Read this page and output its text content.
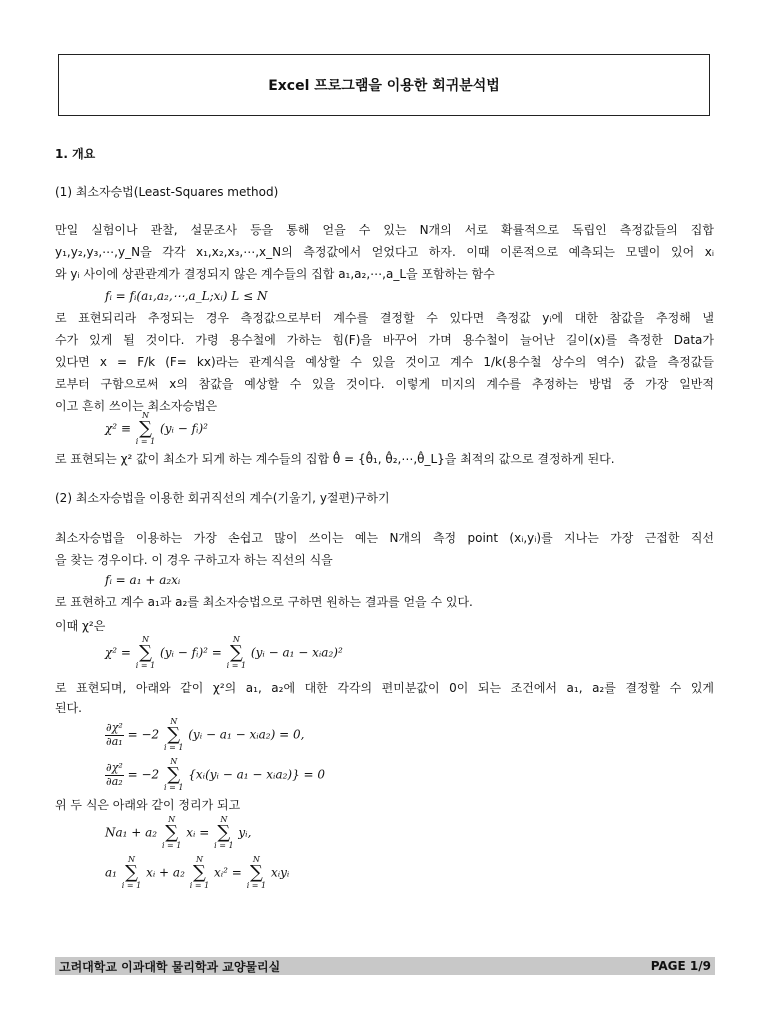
Excel 프로그램을 이용한 회귀분석법
1. 개요
(1) 최소자승법(Least-Squares method)
만일 실험이나 관찰, 설문조사 등을 통해 얻을 수 있는 N개의 서로 확률적으로 독립인 측정값들의 집합
y₁,y₂,y₃,⋯,y_N을 각각 x₁,x₂,x₃,⋯,x_N의 측정값에서 얻었다고 하자. 이때 이론적으로 예측되는 모델이 있어 xᵢ
와 yᵢ 사이에 상관관계가 결정되지 않은 계수들의 집합 a₁,a₂,⋯,a_L을 포함하는 함수
fᵢ = fᵢ(a₁,a₂,⋯,a_L;xᵢ) L ≤ N
로 표현되리라 추정되는 경우 측정값으로부터 계수를 결정할 수 있다면 측정값 yᵢ에 대한 참값을 추정해 낼
수가 있게 될 것이다. 가령 용수철에 가하는 힘(F)을 바꾸어 가며 용수철이 늘어난 길이(x)를 측정한 Data가
있다면 x = F/k (F= kx)라는 관계식을 예상할 수 있을 것이고 계수 1/k(용수철 상수의 역수) 값을 측정값들
로부터 구함으로써 x의 참값을 예상할 수 있을 것이다. 이렇게 미지의 계수를 추정하는 방법 중 가장 일반적
이고 흔히 쓰이는 최소자승법은
χ² ≡
N
∑
i = 1
(yᵢ − fᵢ)²
로 표현되는 χ² 값이 최소가 되게 하는 계수들의 집합 θ̂ = {θ̂₁, θ̂₂,⋯,θ̂_L}을 최적의 값으로 결정하게 된다.
(2) 최소자승법을 이용한 회귀직선의 계수(기울기, y절편)구하기
최소자승법을 이용하는 가장 손쉽고 많이 쓰이는 예는 N개의 측정 point (xᵢ,yᵢ)를 지나는 가장 근접한 직선
을 찾는 경우이다. 이 경우 구하고자 하는 직선의 식을
fᵢ = a₁ + a₂xᵢ
로 표현하고 계수 a₁과 a₂를 최소자승법으로 구하면 원하는 결과를 얻을 수 있다.
이때 χ²은
χ² =
N
∑
i = 1
(yᵢ − fᵢ)² =
N
∑
i = 1
(yᵢ − a₁ − xᵢa₂)²
로 표현되며, 아래와 같이 χ²의 a₁, a₂에 대한 각각의 편미분값이 0이 되는 조건에서 a₁, a₂를 결정할 수 있게
된다.
$\frac{\text{∂χ²}}{\text{∂a₁}} = -2$
N
∑
i = 1
(yᵢ − a₁ − xᵢa₂) = 0,
$\frac{\text{∂χ²}}{\text{∂a₂}} = -2$
N
∑
i = 1
{xᵢ(yᵢ − a₁ − xᵢa₂)} = 0
위 두 식은 아래와 같이 정리가 되고
Na₁ + a₂
N
∑
i = 1
xᵢ =
N
∑
i = 1
yᵢ,
a₁
N
∑
i = 1
xᵢ + a₂
N
∑
i = 1
xᵢ² =
N
∑
i = 1
xᵢyᵢ
고려대학교 이과대학 물리학과 교양물리실	PAGE 1/9
